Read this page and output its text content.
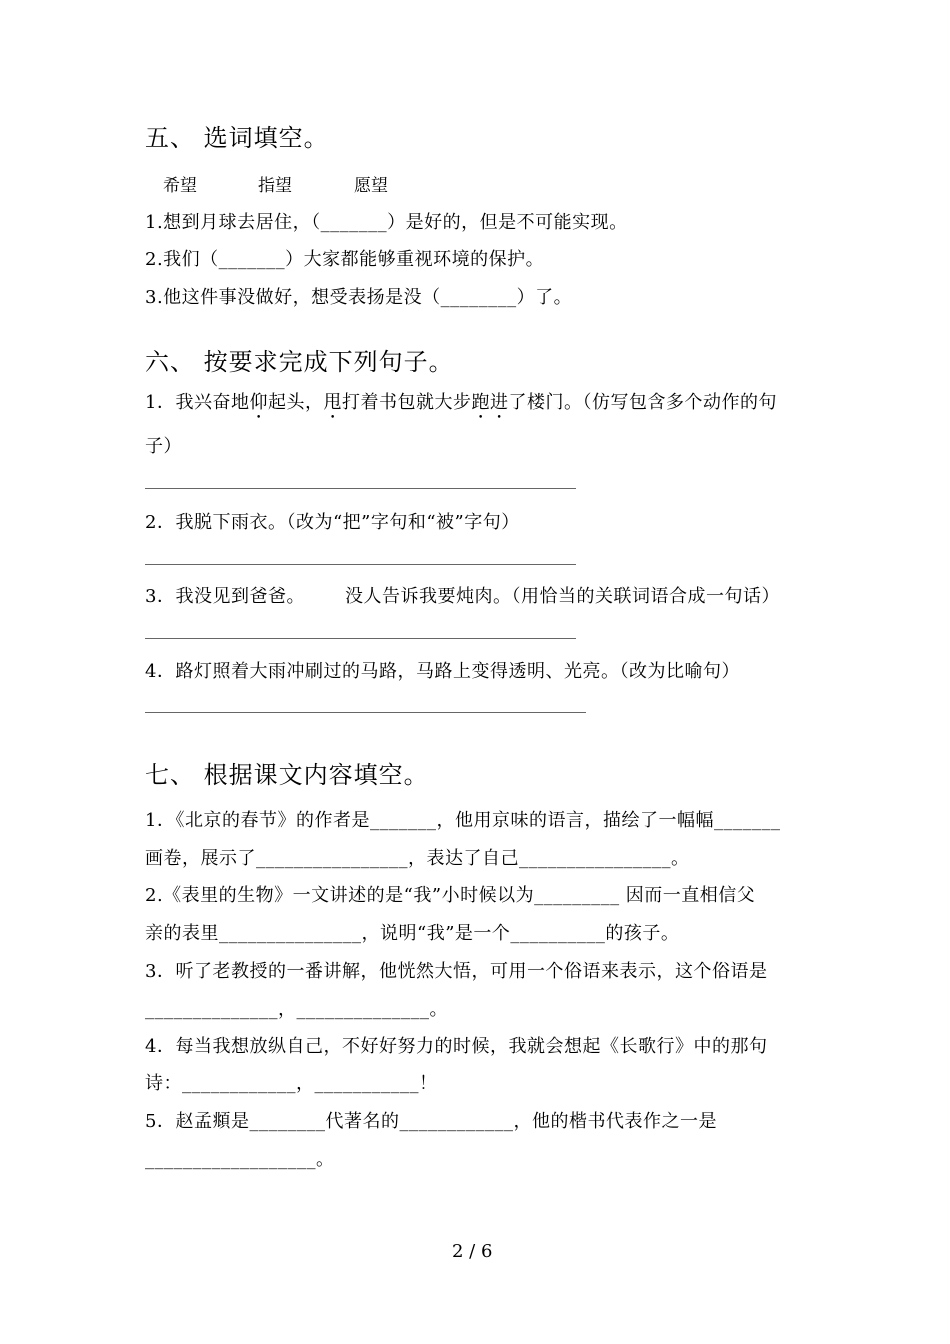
五、 选词填空。
希望	指望	愿望
1.想到月球去居住，（_______）是好的，但是不可能实现。
2.我们（_______）大家都能够重视环境的保护。
3.他这件事没做好，想受表扬是没（________）了。
六、 按要求完成下列句子。
1．我兴奋地仰起头，甩打着书包就大步跑进了楼门。（仿写包含多个动作的句
子）
2．我脱下雨衣。（改为“把”字句和“被”字句）
3．我没见到爸爸。 没人告诉我要炖肉。（用恰当的关联词语合成一句话）
4．路灯照着大雨冲刷过的马路，马路上变得透明、光亮。（改为比喻句）
七、 根据课文内容填空。
1．《北京的春节》的作者是_______，他用京味的语言，描绘了一幅幅_______
画卷，展示了________________，表达了自己________________。
2.《表里的生物》一文讲述的是“我”小时候以为_________ 因而一直相信父
亲的表里_______________，说明“我”是一个__________的孩子。
3．听了老教授的一番讲解，他恍然大悟，可用一个俗语来表示，这个俗语是
______________，______________。
4．每当我想放纵自己，不好好努力的时候，我就会想起《长歌行》中的那句
诗：____________，___________！
5．赵孟頫是________代著名的____________，他的楷书代表作之一是
__________________。
2 / 6
